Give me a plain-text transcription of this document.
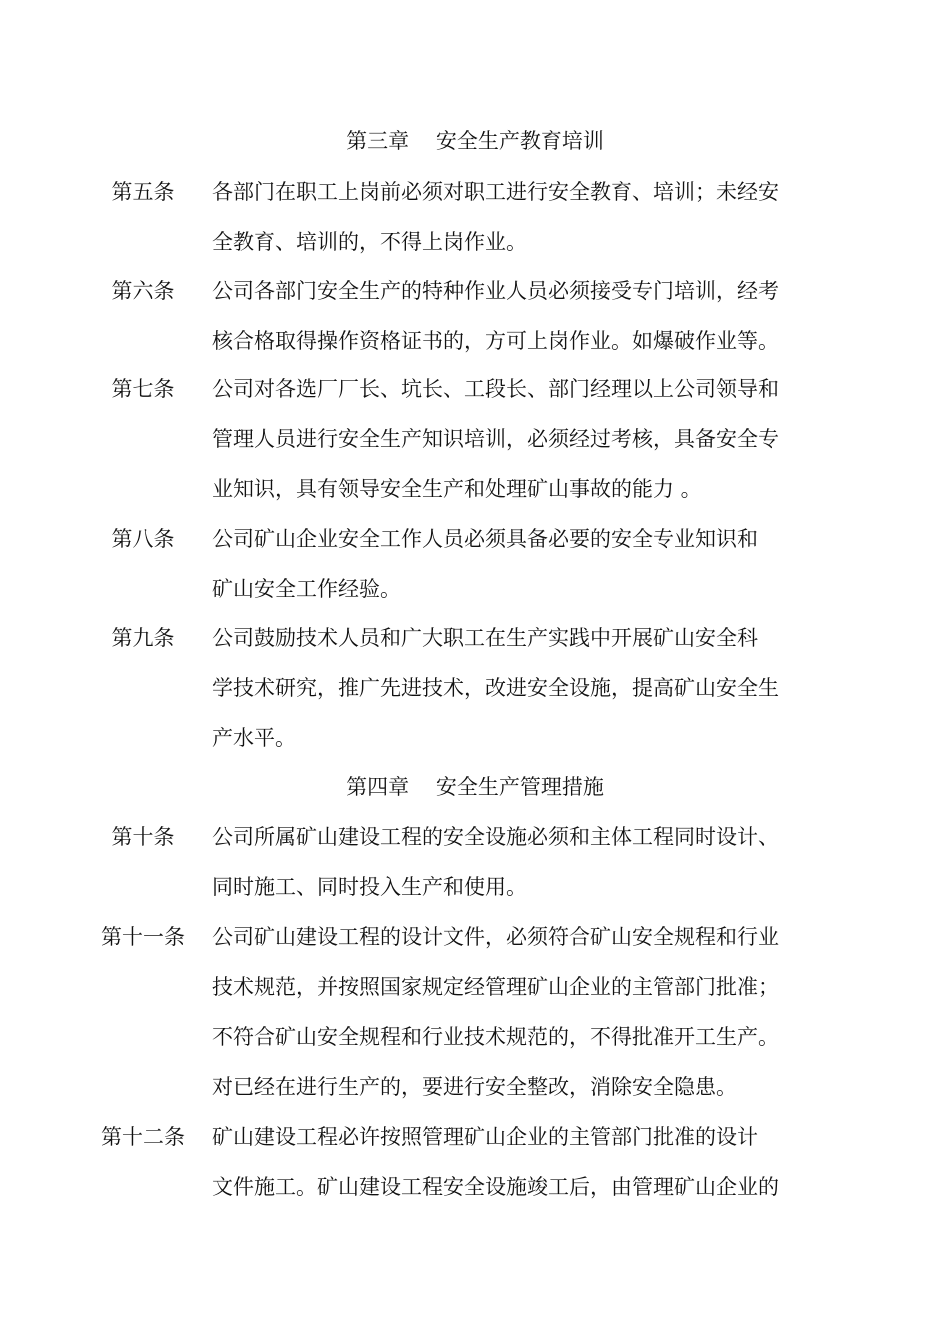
第三章    安全生产教育培训
第五条	各部门在职工上岗前必须对职工进行安全教育、培训；未经安
全教育、培训的，不得上岗作业。
第六条	公司各部门安全生产的特种作业人员必须接受专门培训，经考
核合格取得操作资格证书的，方可上岗作业。如爆破作业等。
第七条	公司对各选厂厂长、坑长、工段长、部门经理以上公司领导和
管理人员进行安全生产知识培训，必须经过考核，具备安全专
业知识，具有领导安全生产和处理矿山事故的能力 。
第八条	公司矿山企业安全工作人员必须具备必要的安全专业知识和
矿山安全工作经验。
第九条	公司鼓励技术人员和广大职工在生产实践中开展矿山安全科
学技术研究，推广先进技术，改进安全设施，提高矿山安全生
产水平。
第四章    安全生产管理措施
第十条	公司所属矿山建设工程的安全设施必须和主体工程同时设计、
同时施工、同时投入生产和使用。
第十一条	公司矿山建设工程的设计文件，必须符合矿山安全规程和行业
技术规范，并按照国家规定经管理矿山企业的主管部门批准；
不符合矿山安全规程和行业技术规范的，不得批准开工生产。
对已经在进行生产的，要进行安全整改，消除安全隐患。
第十二条	矿山建设工程必许按照管理矿山企业的主管部门批准的设计
文件施工。矿山建设工程安全设施竣工后，由管理矿山企业的
